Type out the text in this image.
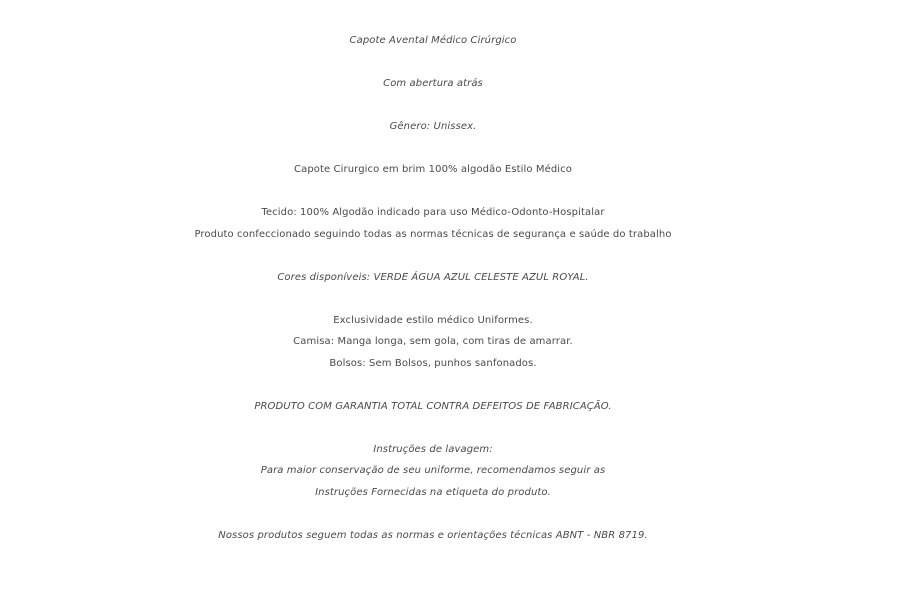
Capote Avental Médico Cirúrgico
Com abertura atrás
Gênero: Unissex.
Capote Cirurgico em brim 100% algodão Estilo Médico
Tecido: 100% Algodão indicado para uso Médico-Odonto-Hospitalar
Produto confeccionado seguindo todas as normas técnicas de segurança e saúde do trabalho
Cores disponíveis: VERDE ÁGUA AZUL CELESTE AZUL ROYAL.
Exclusividade estilo médico Uniformes.
Camisa: Manga longa, sem gola, com tiras de amarrar.
Bolsos: Sem Bolsos, punhos sanfonados.
PRODUTO COM GARANTIA TOTAL CONTRA DEFEITOS DE FABRICAÇÃO.
Instruções de lavagem:
Para maior conservação de seu uniforme, recomendamos seguir as
Instruções Fornecidas na etiqueta do produto.
Nossos produtos seguem todas as normas e orientações técnicas ABNT - NBR 8719.
